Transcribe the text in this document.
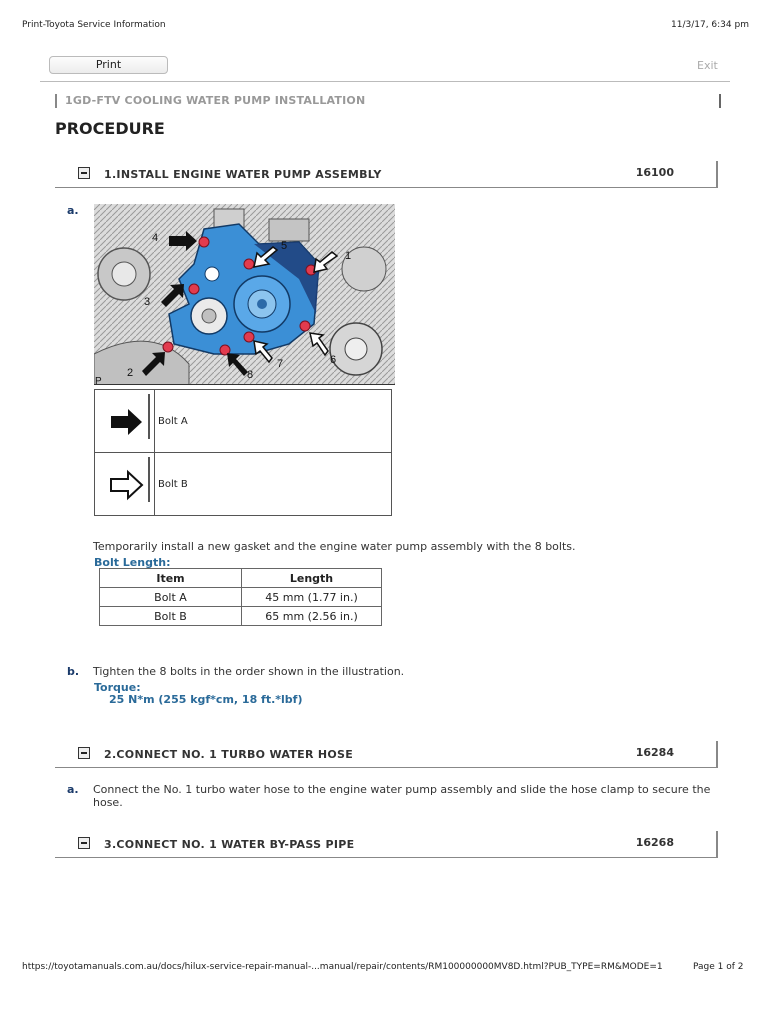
Print-Toyota Service Information	11/3/17, 6:34 pm
Print	Exit
1GD-FTV COOLING WATER PUMP INSTALLATION
PROCEDURE
1.INSTALL ENGINE WATER PUMP ASSEMBLY	16100
a.
1
2
3
4
5
6
7
8
P
Bolt A
Bolt B
Temporarily install a new gasket and the engine water pump assembly with the 8 bolts.
Bolt Length:
Item	Length
Bolt A	45 mm (1.77 in.)
Bolt B	65 mm (2.56 in.)
b. Tighten the 8 bolts in the order shown in the illustration.
Torque:
25 N*m (255 kgf*cm, 18 ft.*lbf)
2.CONNECT NO. 1 TURBO WATER HOSE	16284
a. Connect the No. 1 turbo water hose to the engine water pump assembly and slide the hose clamp to secure the hose.
3.CONNECT NO. 1 WATER BY-PASS PIPE	16268
https://toyotamanuals.com.au/docs/hilux-service-repair-manual-...manual/repair/contents/RM100000000MV8D.html?PUB_TYPE=RM&MODE=1	Page 1 of 2
